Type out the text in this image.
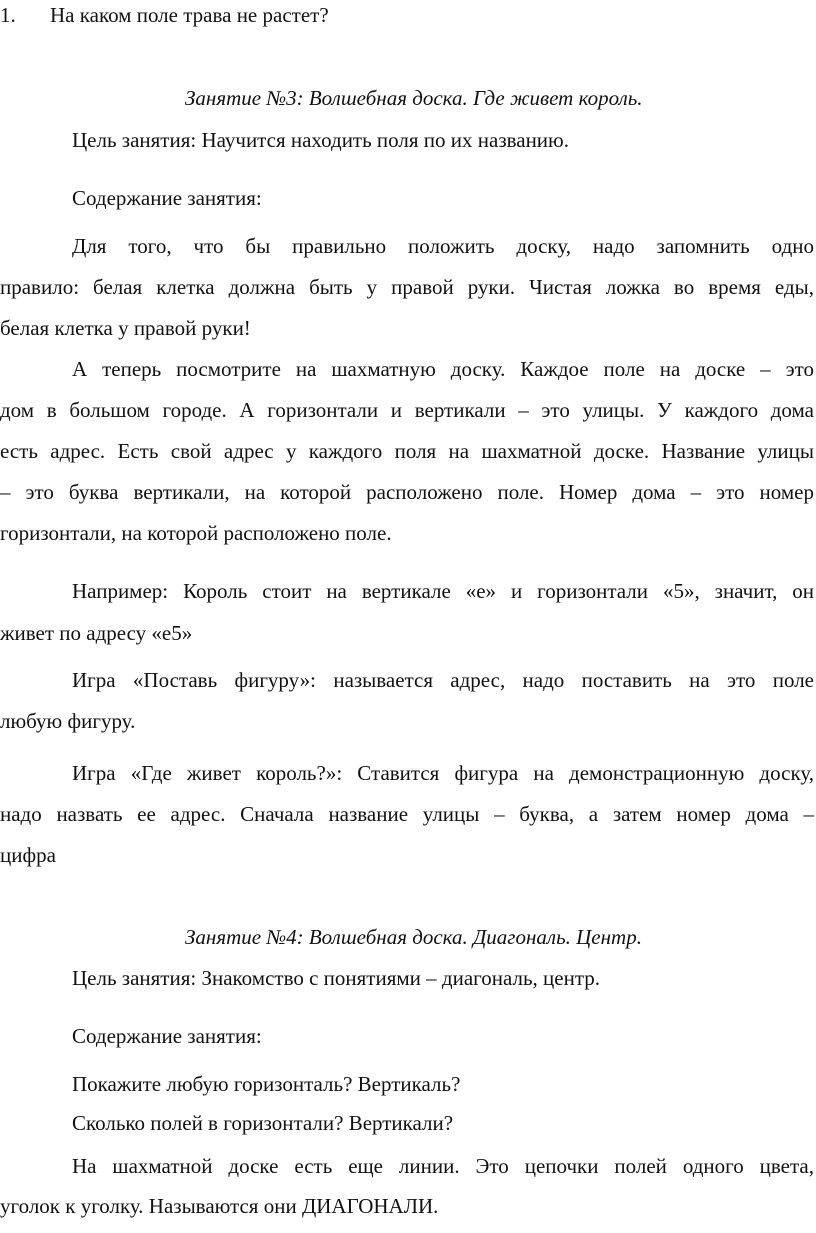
1. На каком поле трава не растет?
Занятие №3: Волшебная доска. Где живет король.
Цель занятия: Научится находить поля по их названию.
Содержание занятия:
Для того, что бы правильно положить доску, надо запомнить одно
правило: белая клетка должна быть у правой руки. Чистая ложка во время еды,
белая клетка у правой руки!
А теперь посмотрите на шахматную доску. Каждое поле на доске – это
дом в большом городе. А горизонтали и вертикали – это улицы. У каждого дома
есть адрес. Есть свой адрес у каждого поля на шахматной доске. Название улицы
– это буква вертикали, на которой расположено поле. Номер дома – это номер
горизонтали, на которой расположено поле.
Например: Король стоит на вертикале «е» и горизонтали «5», значит, он
живет по адресу «е5»
Игра «Поставь фигуру»: называется адрес, надо поставить на это поле
любую фигуру.
Игра «Где живет король?»: Ставится фигура на демонстрационную доску,
надо назвать ее адрес. Сначала название улицы – буква, а затем номер дома –
цифра
Занятие №4: Волшебная доска. Диагональ. Центр.
Цель занятия: Знакомство с понятиями – диагональ, центр.
Содержание занятия:
Покажите любую горизонталь? Вертикаль?
Сколько полей в горизонтали? Вертикали?
На шахматной доске есть еще линии. Это цепочки полей одного цвета,
уголок к уголку. Называются они ДИАГОНАЛИ.
